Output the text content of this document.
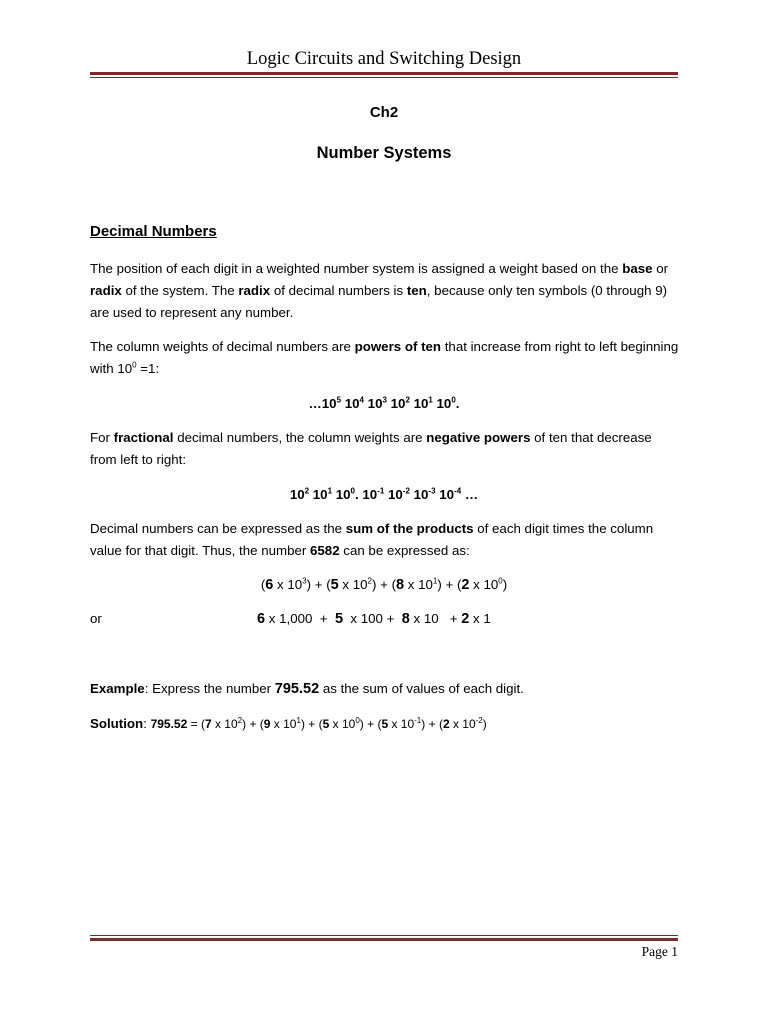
Logic Circuits and Switching Design
Ch2
Number Systems
Decimal Numbers
The position of each digit in a weighted number system is assigned a weight based on the base or radix of the system. The radix of decimal numbers is ten, because only ten symbols (0 through 9) are used to represent any number.
The column weights of decimal numbers are powers of ten that increase from right to left beginning with $10^0 =1$:
$\dots 10^5$ $10^4$ $10^3$ $10^2$ $10^1$ $10^0$.
For fractional decimal numbers, the column weights are negative powers of ten that decrease from left to right:
$10^2$ $10^1$ $10^0$. $10^{-1}$ $10^{-2}$ $10^{-3}$ $10^{-4}$ …
Decimal numbers can be expressed as the sum of the products of each digit times the column value for that digit. Thus, the number 6582 can be expressed as:
(6 x $10^3) + (5$ x $10^2) + (8$ x $10^1) + (2$ x $10^0$)
or	6 x 1,000  +  5  x 100 +  8 x 10   + 2 x 1
Example: Express the number 795.52 as the sum of values of each digit.
Solution: 795.52 = (7 x $10^2) + (9$ x $10^1) + (5$ x $10^0) + (5$ x $10^{-1}) + (2$ x $10^{-2}$)
Page 1
